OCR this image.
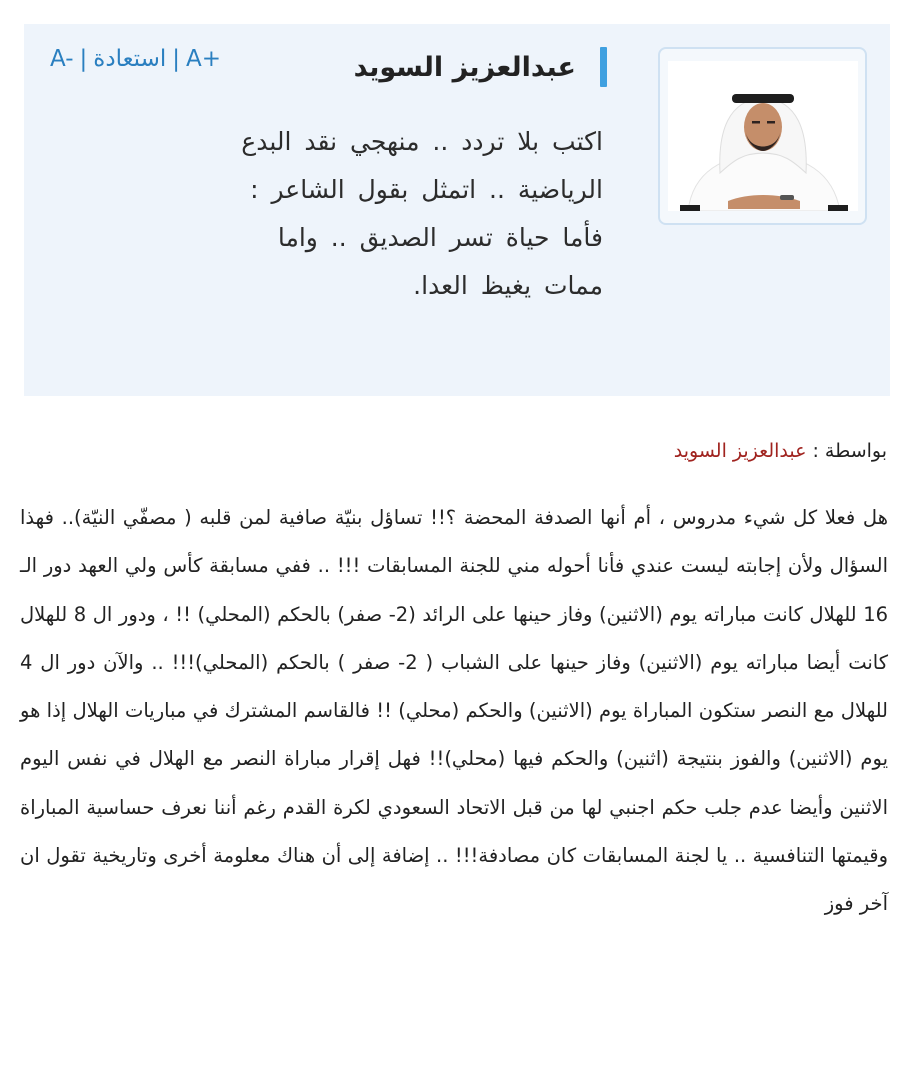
A- | استعادة | A+	عبدالعزيز السويد
اكتب بلا تردد .. منهجي نقد البدع الرياضية .. اتمثل بقول الشاعر : فأما حياة تسر الصديق .. واما ممات يغيظ العدا.
بواسطة : عبدالعزيز السويد
هل فعلا كل شيء مدروس ، أم أنها الصدفة المحضة ؟!! تساؤل بنيّة صافية لمن قلبه ( مصفّي النيّة).. فهذا السؤال ولأن إجابته ليست عندي فأنا أحوله مني للجنة المسابقات !!! .. ففي مسابقة كأس ولي العهد دور الـ 16 للهلال كانت مباراته يوم (الاثنين) وفاز حينها على الرائد (2- صفر) بالحكم (المحلي) !! ، ودور ال 8 للهلال كانت أيضا مباراته يوم (الاثنين) وفاز حينها على الشباب ( 2- صفر ) بالحكم (المحلي)!!! .. والآن دور ال 4 للهلال مع النصر ستكون المباراة يوم (الاثنين) والحكم (محلي) !! فالقاسم المشترك في مباريات الهلال إذا هو يوم (الاثنين) والفوز بنتيجة (اثنين) والحكم فيها (محلي)!! فهل إقرار مباراة النصر مع الهلال في نفس اليوم الاثنين وأيضا عدم جلب حكم اجنبي لها من قبل الاتحاد السعودي لكرة القدم رغم أننا نعرف حساسية المباراة وقيمتها التنافسية .. يا لجنة المسابقات كان مصادفة!!! .. إضافة إلى أن هناك معلومة أخرى وتاريخية تقول ان آخر فوز
